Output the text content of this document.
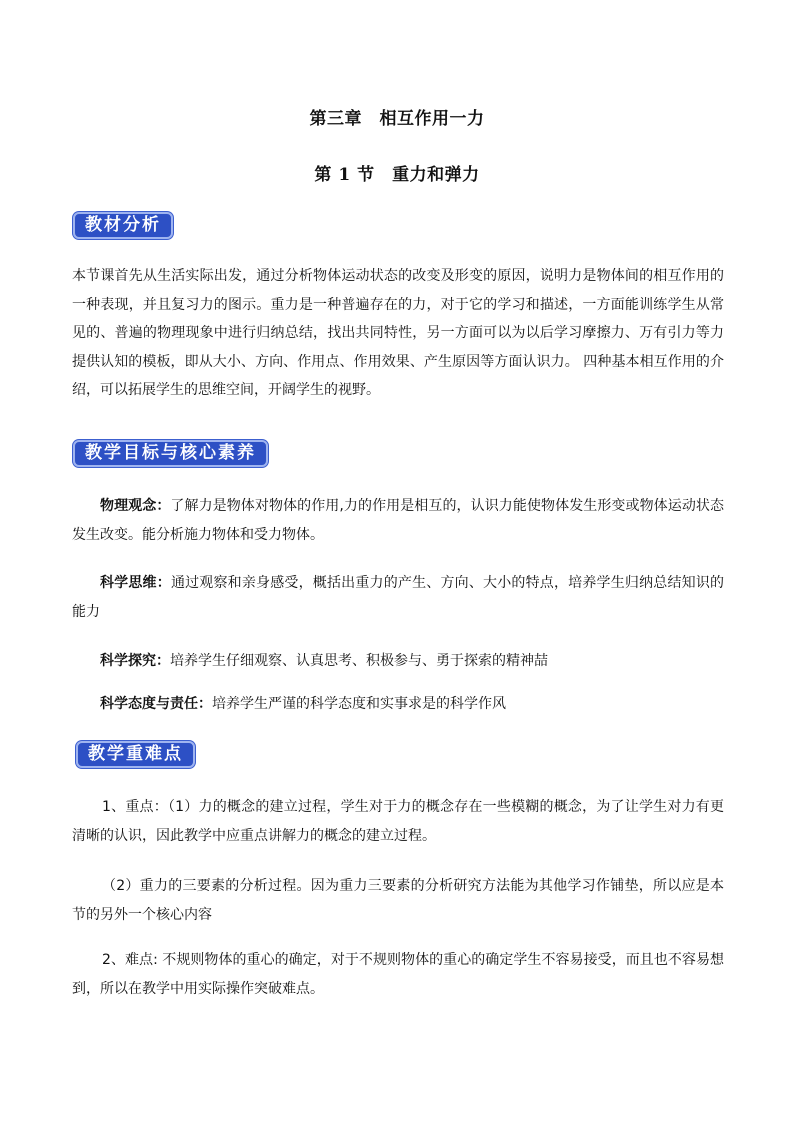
第三章　相互作用一力
第 1 节　重力和弹力
教材分析

本节课首先从生活实际出发，通过分析物体运动状态的改变及形变的原因，说明力是物体间的相互作用的一种表现，并且复习力的图示。重力是一种普遍存在的力，对于它的学习和描述，一方面能训练学生从常见的、普遍的物理现象中进行归纳总结，找出共同特性，另一方面可以为以后学习摩擦力、万有引力等力提供认知的模板，即从大小、方向、作用点、作用效果、产生原因等方面认识力。 四种基本相互作用的介绍，可以拓展学生的思维空间，开阔学生的视野。

教学目标与核心素养

物理观念：了解力是物体对物体的作用,力的作用是相互的，认识力能使物体发生形变或物体运动状态发生改变。能分析施力物体和受力物体。

科学思维：通过观察和亲身感受，概括出重力的产生、方向、大小的特点，培养学生归纳总结知识的能力

科学探究：培养学生仔细观察、认真思考、积极参与、勇于探索的精神喆

科学态度与责任：培养学生严谨的科学态度和实事求是的科学作风

教学重难点

1、重点：（1）力的概念的建立过程，学生对于力的概念存在一些模糊的概念，为了让学生对力有更清晰的认识，因此教学中应重点讲解力的概念的建立过程。

（2）重力的三要素的分析过程。因为重力三要素的分析研究方法能为其他学习作铺垫，所以应是本节的另外一个核心内容

2、难点: 不规则物体的重心的确定，对于不规则物体的重心的确定学生不容易接受，而且也不容易想到，所以在教学中用实际操作突破难点。
